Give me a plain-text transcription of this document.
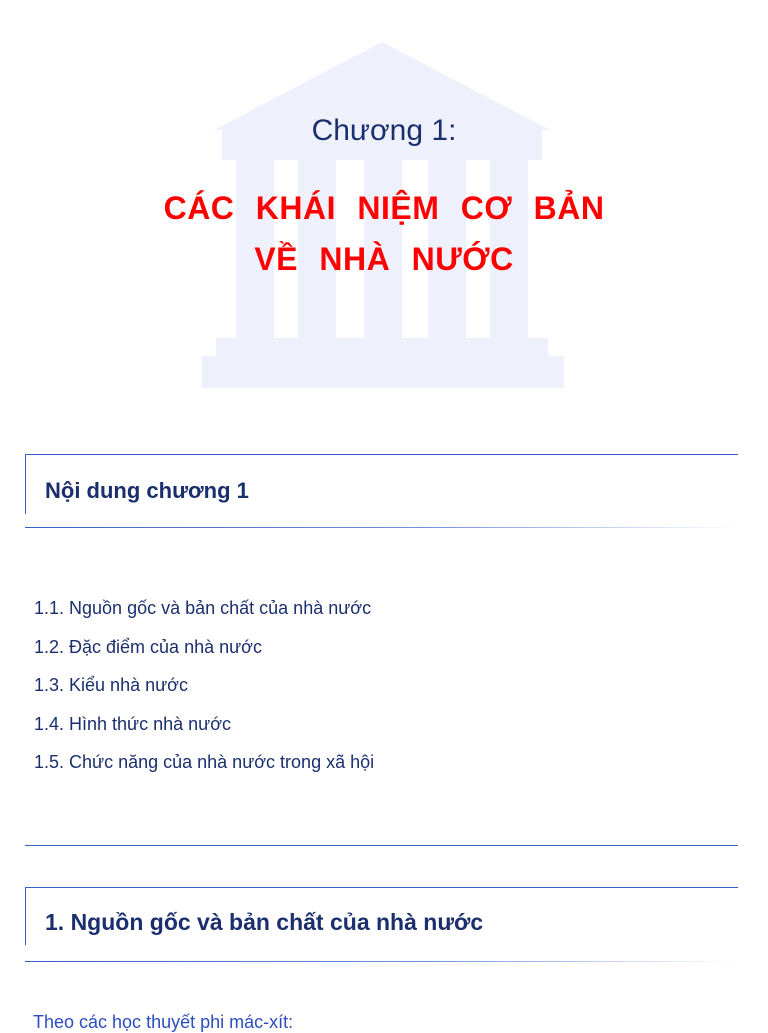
Chương 1:
CÁC KHÁI NIỆM CƠ BẢN
VỀ NHÀ NƯỚC
Nội dung chương 1
1.1. Nguồn gốc và bản chất của nhà nước
1.2. Đặc điểm của nhà nước
1.3. Kiểu nhà nước
1.4. Hình thức nhà nước
1.5. Chức năng của nhà nước trong xã hội
1. Nguồn gốc và bản chất của nhà nước
Theo các học thuyết phi mác-xít:
